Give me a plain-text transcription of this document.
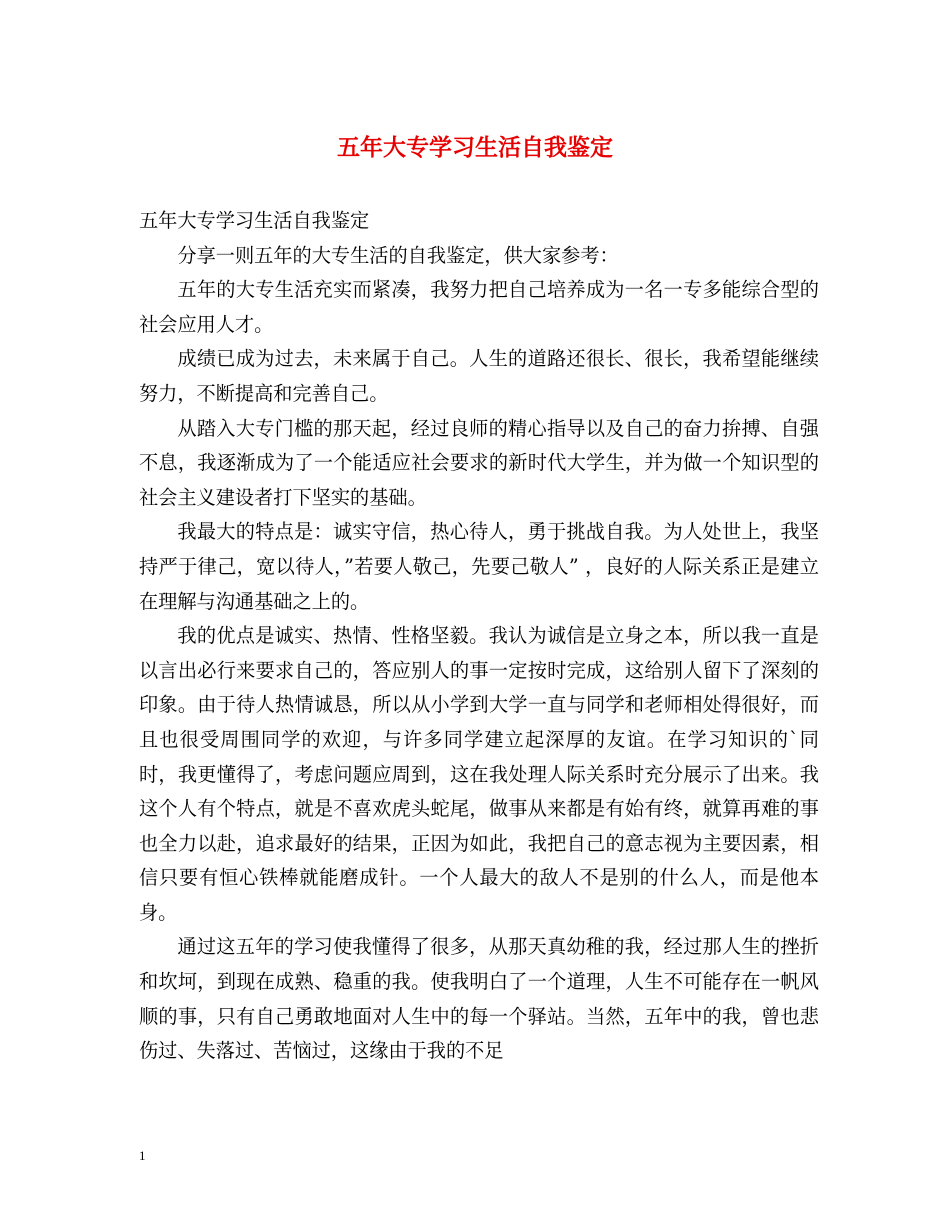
五年大专学习生活自我鉴定

五年大专学习生活自我鉴定

分享一则五年的大专生活的自我鉴定，供大家参考：

五年的大专生活充实而紧凑，我努力把自己培养成为一名一专多能综合型的社会应用人才。

成绩已成为过去，未来属于自己。人生的道路还很长、很长，我希望能继续努力，不断提高和完善自己。

从踏入大专门槛的那天起，经过良师的精心指导以及自己的奋力拚搏、自强不息，我逐渐成为了一个能适应社会要求的新时代大学生，并为做一个知识型的社会主义建设者打下坚实的基础。

我最大的特点是：诚实守信，热心待人，勇于挑战自我。为人处世上，我坚持严于律己，宽以待人，”若要人敬己，先要己敬人” ，良好的人际关系正是建立在理解与沟通基础之上的。

我的优点是诚实、热情、性格坚毅。我认为诚信是立身之本，所以我一直是以言出必行来要求自己的，答应别人的事一定按时完成，这给别人留下了深刻的印象。由于待人热情诚恳，所以从小学到大学一直与同学和老师相处得很好，而且也很受周围同学的欢迎，与许多同学建立起深厚的友谊。在学习知识的`同时，我更懂得了，考虑问题应周到，这在我处理人际关系时充分展示了出来。我这个人有个特点，就是不喜欢虎头蛇尾，做事从来都是有始有终，就算再难的事也全力以赴，追求最好的结果，正因为如此，我把自己的意志视为主要因素，相信只要有恒心铁棒就能磨成针。一个人最大的敌人不是别的什么人，而是他本身。

通过这五年的学习使我懂得了很多，从那天真幼稚的我，经过那人生的挫折和坎坷，到现在成熟、稳重的我。使我明白了一个道理，人生不可能存在一帆风顺的事，只有自己勇敢地面对人生中的每一个驿站。当然，五年中的我，曾也悲伤过、失落过、苦恼过，这缘由于我的不足

1
